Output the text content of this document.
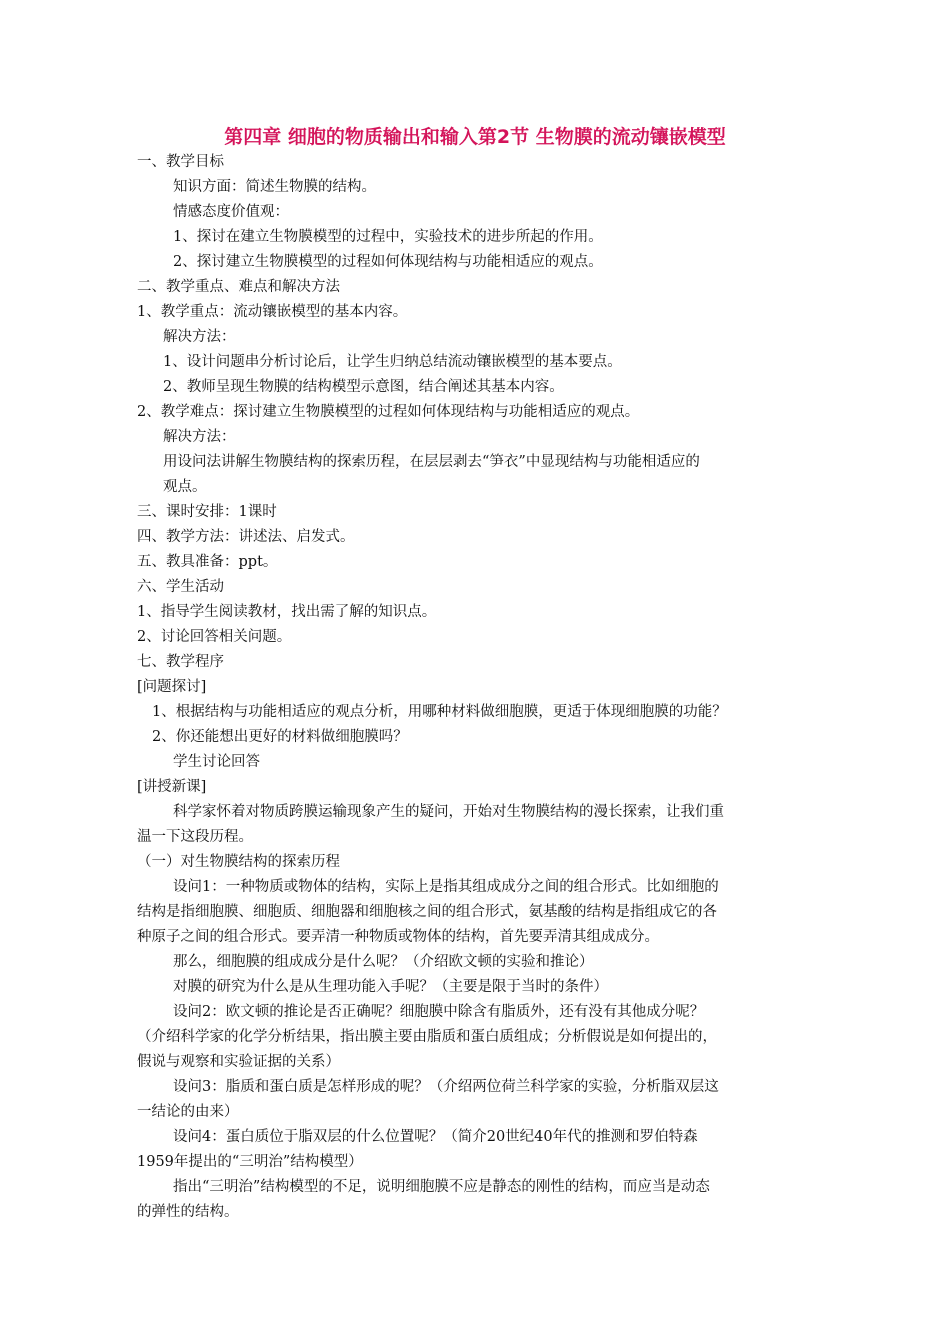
第四章 细胞的物质输出和输入第2节 生物膜的流动镶嵌模型
一、教学目标
知识方面：简述生物膜的结构。
情感态度价值观：
1、探讨在建立生物膜模型的过程中，实验技术的进步所起的作用。
2、探讨建立生物膜模型的过程如何体现结构与功能相适应的观点。
二、教学重点、难点和解决方法
1、教学重点：流动镶嵌模型的基本内容。
解决方法：
1、设计问题串分析讨论后，让学生归纳总结流动镶嵌模型的基本要点。
2、教师呈现生物膜的结构模型示意图，结合阐述其基本内容。
2、教学难点：探讨建立生物膜模型的过程如何体现结构与功能相适应的观点。
解决方法：
用设问法讲解生物膜结构的探索历程，在层层剥去“笋衣”中显现结构与功能相适应的
观点。
三、课时安排：1课时
四、教学方法：讲述法、启发式。
五、教具准备：ppt。
六、学生活动
1、指导学生阅读教材，找出需了解的知识点。
2、讨论回答相关问题。
七、教学程序
[问题探讨]
1、根据结构与功能相适应的观点分析，用哪种材料做细胞膜，更适于体现细胞膜的功能？
2、你还能想出更好的材料做细胞膜吗？
学生讨论回答
[讲授新课]
科学家怀着对物质跨膜运输现象产生的疑问，开始对生物膜结构的漫长探索，让我们重
温一下这段历程。
（一）对生物膜结构的探索历程
设问1：一种物质或物体的结构，实际上是指其组成成分之间的组合形式。比如细胞的
结构是指细胞膜、细胞质、细胞器和细胞核之间的组合形式，氨基酸的结构是指组成它的各
种原子之间的组合形式。要弄清一种物质或物体的结构，首先要弄清其组成成分。
那么，细胞膜的组成成分是什么呢？（介绍欧文顿的实验和推论）
对膜的研究为什么是从生理功能入手呢？（主要是限于当时的条件）
设问2：欧文顿的推论是否正确呢？细胞膜中除含有脂质外，还有没有其他成分呢？
（介绍科学家的化学分析结果，指出膜主要由脂质和蛋白质组成；分析假说是如何提出的，
假说与观察和实验证据的关系）
设问3：脂质和蛋白质是怎样形成的呢？（介绍两位荷兰科学家的实验，分析脂双层这
一结论的由来）
设问4：蛋白质位于脂双层的什么位置呢？（简介20世纪40年代的推测和罗伯特森
1959年提出的“三明治”结构模型）
指出“三明治”结构模型的不足，说明细胞膜不应是静态的刚性的结构，而应当是动态
的弹性的结构。
